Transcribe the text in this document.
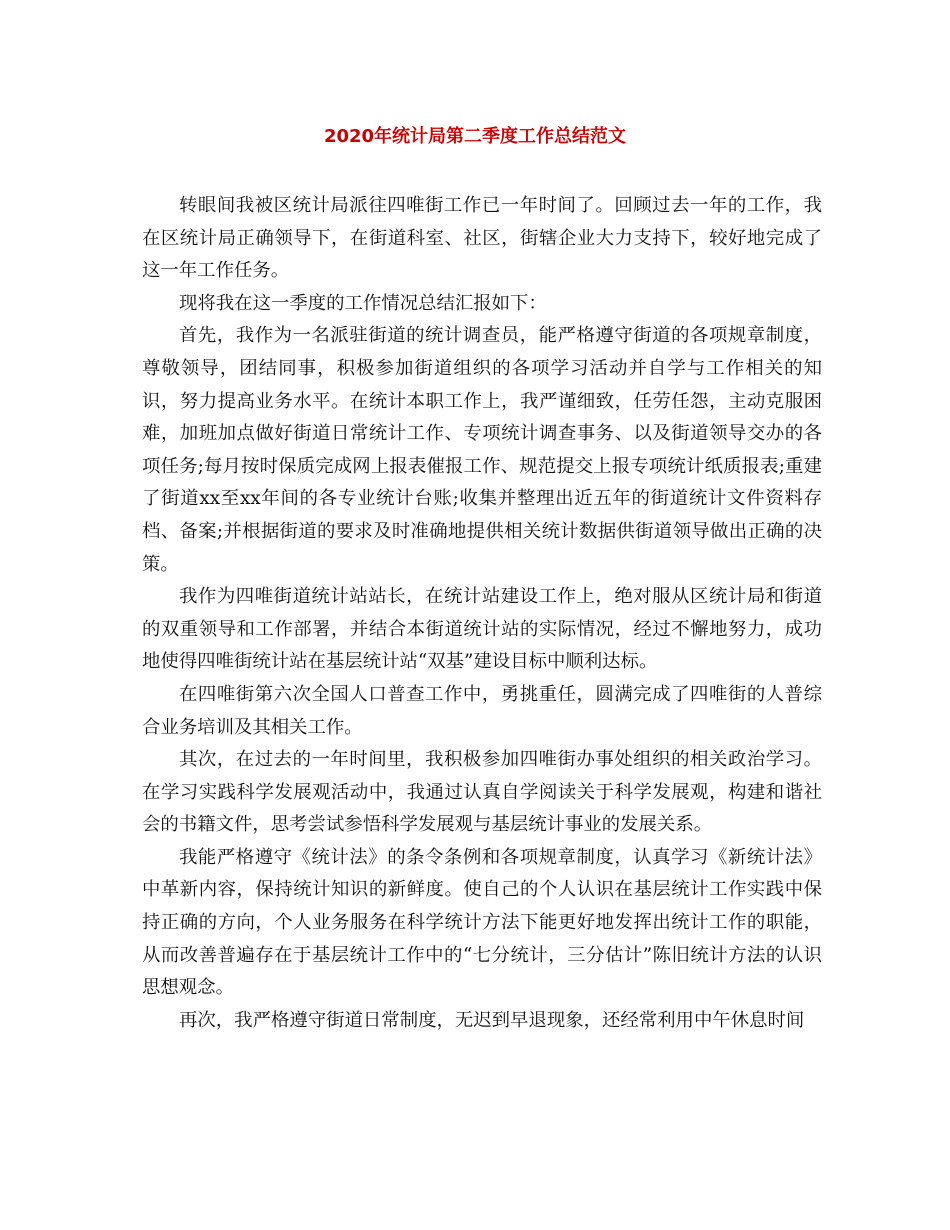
2020年统计局第二季度工作总结范文

转眼间我被区统计局派往四唯街工作已一年时间了。回顾过去一年的工作，我在区统计局正确领导下，在街道科室、社区，街辖企业大力支持下，较好地完成了这一年工作任务。

现将我在这一季度的工作情况总结汇报如下：

首先，我作为一名派驻街道的统计调查员，能严格遵守街道的各项规章制度，尊敬领导，团结同事，积极参加街道组织的各项学习活动并自学与工作相关的知识，努力提高业务水平。在统计本职工作上，我严谨细致，任劳任怨，主动克服困难，加班加点做好街道日常统计工作、专项统计调查事务、以及街道领导交办的各项任务;每月按时保质完成网上报表催报工作、规范提交上报专项统计纸质报表;重建了街道xx至xx年间的各专业统计台账;收集并整理出近五年的街道统计文件资料存档、备案;并根据街道的要求及时准确地提供相关统计数据供街道领导做出正确的决策。

我作为四唯街道统计站站长，在统计站建设工作上，绝对服从区统计局和街道的双重领导和工作部署，并结合本街道统计站的实际情况，经过不懈地努力，成功地使得四唯街统计站在基层统计站“双基”建设目标中顺利达标。

在四唯街第六次全国人口普查工作中，勇挑重任，圆满完成了四唯街的人普综合业务培训及其相关工作。

其次，在过去的一年时间里，我积极参加四唯街办事处组织的相关政治学习。在学习实践科学发展观活动中，我通过认真自学阅读关于科学发展观，构建和谐社会的书籍文件，思考尝试参悟科学发展观与基层统计事业的发展关系。

我能严格遵守《统计法》的条令条例和各项规章制度，认真学习《新统计法》中革新内容，保持统计知识的新鲜度。使自己的个人认识在基层统计工作实践中保持正确的方向，个人业务服务在科学统计方法下能更好地发挥出统计工作的职能，从而改善普遍存在于基层统计工作中的“七分统计，三分估计”陈旧统计方法的认识思想观念。

再次，我严格遵守街道日常制度，无迟到早退现象，还经常利用中午休息时间
